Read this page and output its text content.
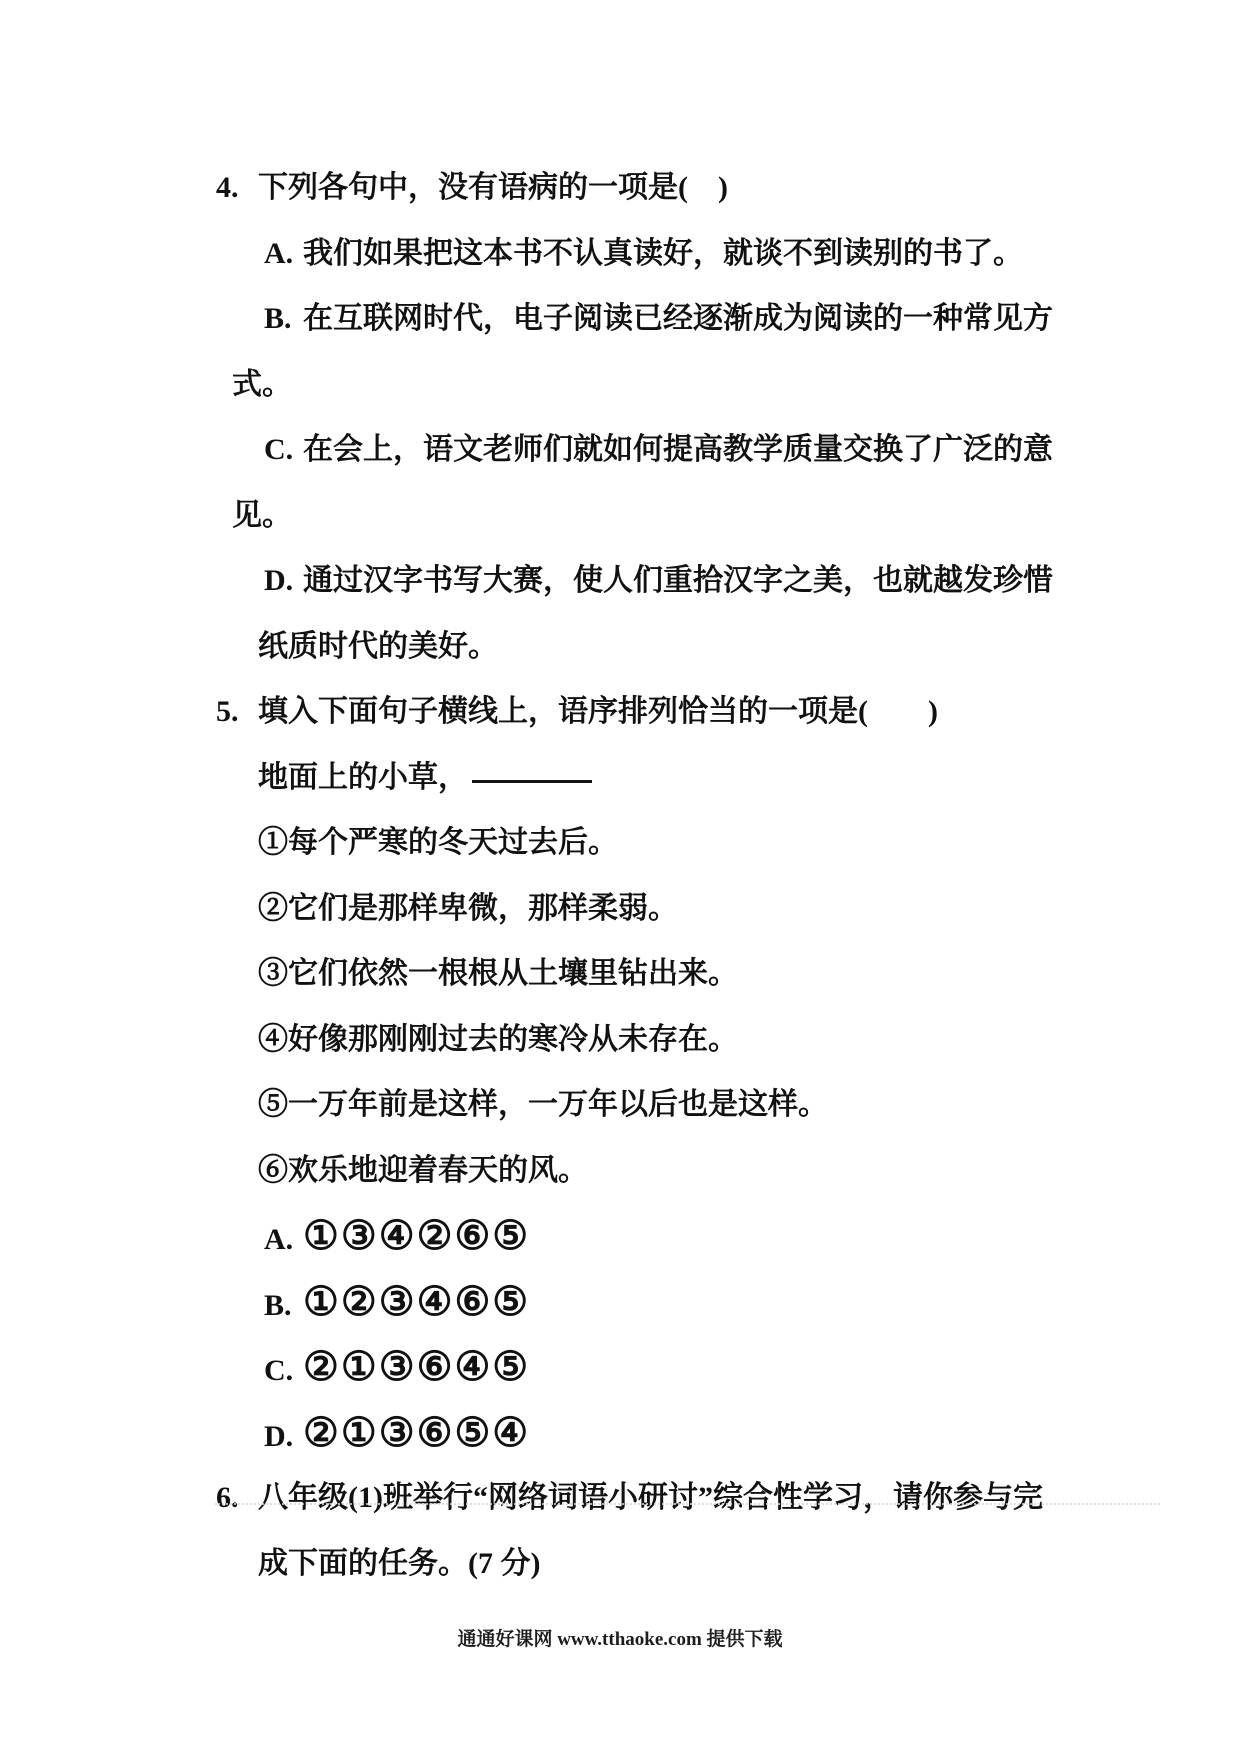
4. 下列各句中，没有语病的一项是(　)
A. 我们如果把这本书不认真读好，就谈不到读别的书了。
B. 在互联网时代，电子阅读已经逐渐成为阅读的一种常见方
式。
C. 在会上，语文老师们就如何提高教学质量交换了广泛的意
见。
D. 通过汉字书写大赛，使人们重拾汉字之美，也就越发珍惜
纸质时代的美好。
5. 填入下面句子横线上，语序排列恰当的一项是(　　)
地面上的小草，
①每个严寒的冬天过去后。
②它们是那样卑微，那样柔弱。
③它们依然一根根从土壤里钻出来。
④好像那刚刚过去的寒冷从未存在。
⑤一万年前是这样，一万年以后也是这样。
⑥欢乐地迎着春天的风。
A. ①③④②⑥⑤
B. ①②③④⑥⑤
C. ②①③⑥④⑤
D. ②①③⑥⑤④
6. 八年级(1)班举行“网络词语小研讨”综合性学习，请你参与完
成下面的任务。(7 分)
通通好课网 www.tthaoke.com 提供下载
